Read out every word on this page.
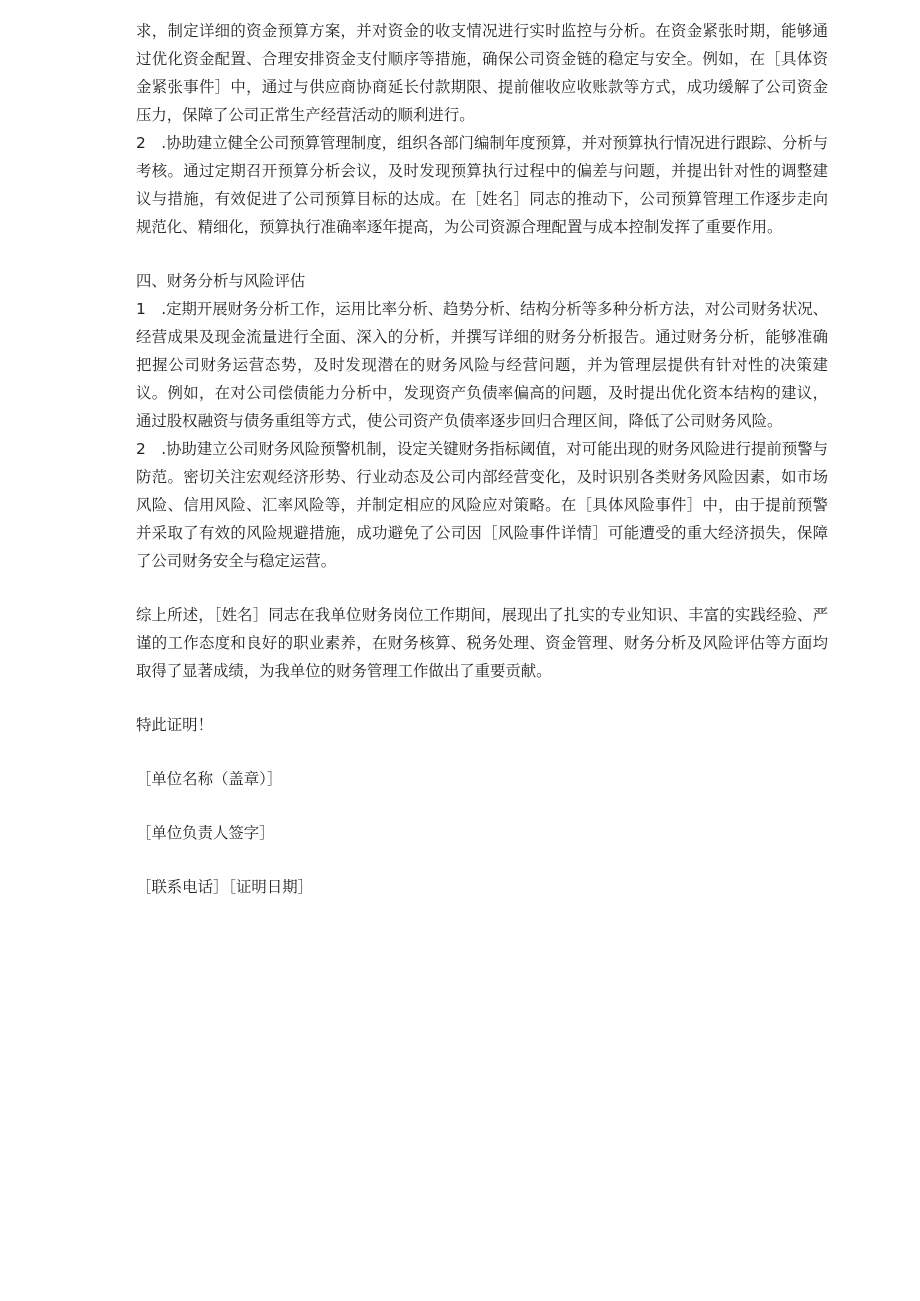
求，制定详细的资金预算方案，并对资金的收支情况进行实时监控与分析。在资金紧张时期，能够通过优化资金配置、合理安排资金支付顺序等措施，确保公司资金链的稳定与安全。例如，在［具体资金紧张事件］中，通过与供应商协商延长付款期限、提前催收应收账款等方式，成功缓解了公司资金压力，保障了公司正常生产经营活动的顺利进行。

2　.协助建立健全公司预算管理制度，组织各部门编制年度预算，并对预算执行情况进行跟踪、分析与考核。通过定期召开预算分析会议，及时发现预算执行过程中的偏差与问题，并提出针对性的调整建议与措施，有效促进了公司预算目标的达成。在［姓名］同志的推动下，公司预算管理工作逐步走向规范化、精细化，预算执行准确率逐年提高，为公司资源合理配置与成本控制发挥了重要作用。

四、财务分析与风险评估

1　.定期开展财务分析工作，运用比率分析、趋势分析、结构分析等多种分析方法，对公司财务状况、经营成果及现金流量进行全面、深入的分析，并撰写详细的财务分析报告。通过财务分析，能够准确把握公司财务运营态势，及时发现潜在的财务风险与经营问题，并为管理层提供有针对性的决策建议。例如，在对公司偿债能力分析中，发现资产负债率偏高的问题，及时提出优化资本结构的建议，通过股权融资与债务重组等方式，使公司资产负债率逐步回归合理区间，降低了公司财务风险。

2　.协助建立公司财务风险预警机制，设定关键财务指标阈值，对可能出现的财务风险进行提前预警与防范。密切关注宏观经济形势、行业动态及公司内部经营变化，及时识别各类财务风险因素，如市场风险、信用风险、汇率风险等，并制定相应的风险应对策略。在［具体风险事件］中，由于提前预警并采取了有效的风险规避措施，成功避免了公司因［风险事件详情］可能遭受的重大经济损失，保障了公司财务安全与稳定运营。

综上所述，［姓名］同志在我单位财务岗位工作期间，展现出了扎实的专业知识、丰富的实践经验、严谨的工作态度和良好的职业素养，在财务核算、税务处理、资金管理、财务分析及风险评估等方面均取得了显著成绩，为我单位的财务管理工作做出了重要贡献。

特此证明！

［单位名称（盖章）］

［单位负责人签字］

［联系电话］［证明日期］
